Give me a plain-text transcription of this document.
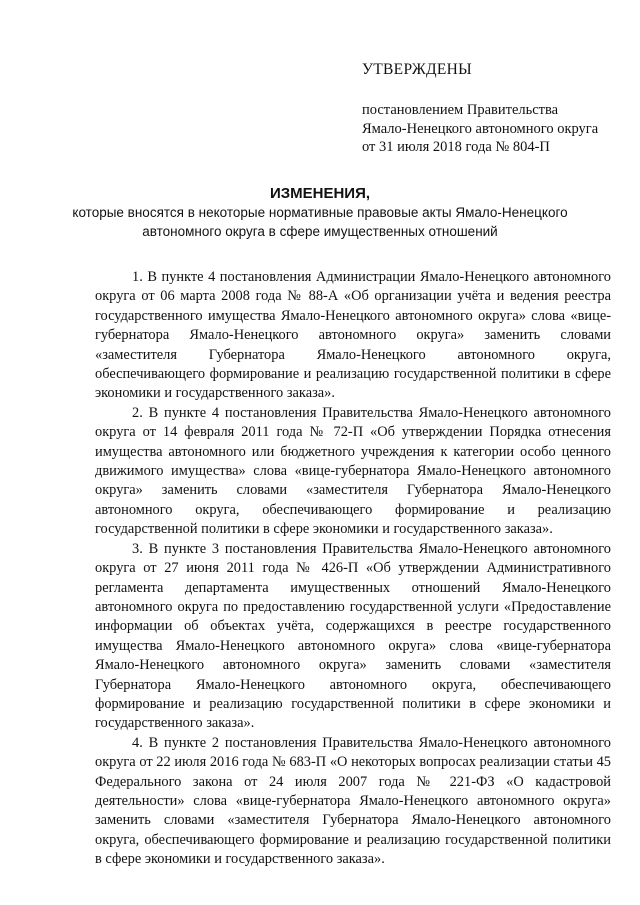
УТВЕРЖДЕНЫ

постановлением Правительства

Ямало-Ненецкого автономного округа

от 31 июля 2018 года № 804-П

ИЗМЕНЕНИЯ,

которые вносятся в некоторые нормативные правовые акты Ямало-Ненецкого

автономного округа в сфере имущественных отношений

1. В пункте 4 постановления Администрации Ямало-Ненецкого автономного округа от 06 марта 2008 года № 88-А «Об организации учёта и ведения реестра государственного имущества Ямало-Ненецкого автономного округа» слова «вице-губернатора Ямало-Ненецкого автономного округа» заменить словами «заместителя Губернатора Ямало-Ненецкого автономного округа, обеспечивающего формирование и реализацию государственной политики в сфере экономики и государственного заказа».

2. В пункте 4 постановления Правительства Ямало-Ненецкого автономного округа от 14 февраля 2011 года № 72-П «Об утверждении Порядка отнесения имущества автономного или бюджетного учреждения к категории особо ценного движимого имущества» слова «вице-губернатора Ямало-Ненецкого автономного округа» заменить словами «заместителя Губернатора Ямало-Ненецкого автономного округа, обеспечивающего формирование и реализацию государственной политики в сфере экономики и государственного заказа».

3. В пункте 3 постановления Правительства Ямало-Ненецкого автономного округа от 27 июня 2011 года № 426-П «Об утверждении Административного регламента департамента имущественных отношений Ямало-Ненецкого автономного округа по предоставлению государственной услуги «Предоставление информации об объектах учёта, содержащихся в реестре государственного имущества Ямало-Ненецкого автономного округа» слова «вице-губернатора Ямало-Ненецкого автономного округа» заменить словами «заместителя Губернатора Ямало-Ненецкого автономного округа, обеспечивающего формирование и реализацию государственной политики в сфере экономики и государственного заказа».

4. В пункте 2 постановления Правительства Ямало-Ненецкого автономного округа от 22 июля 2016 года № 683-П «О некоторых вопросах реализации статьи 45 Федерального закона от 24 июля 2007 года № 221-ФЗ «О кадастровой деятельности» слова «вице-губернатора Ямало-Ненецкого автономного округа» заменить словами «заместителя Губернатора Ямало-Ненецкого автономного округа, обеспечивающего формирование и реализацию государственной политики в сфере экономики и государственного заказа».
